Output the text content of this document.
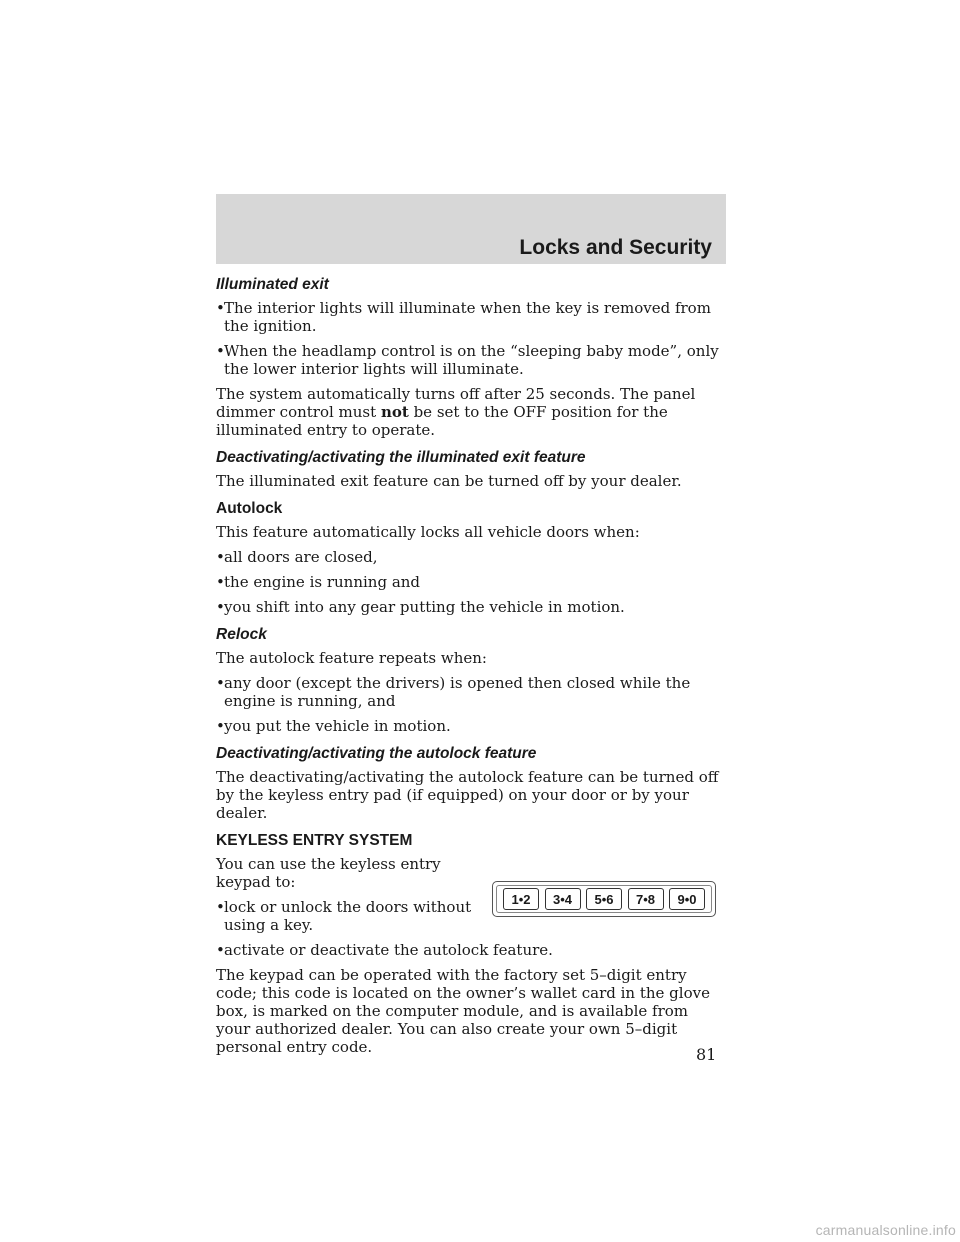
Locks and Security
Illuminated exit
• The interior lights will illuminate when the key is removed from the ignition.
• When the headlamp control is on the “sleeping baby mode”, only the lower interior lights will illuminate.

The system automatically turns off after 25 seconds. The panel dimmer control must not be set to the OFF position for the illuminated entry to operate.

Deactivating/activating the illuminated exit feature

The illuminated exit feature can be turned off by your dealer.

Autolock

This feature automatically locks all vehicle doors when:

• all doors are closed,
• the engine is running and
• you shift into any gear putting the vehicle in motion.
Relock

The autolock feature repeats when:

• any door (except the drivers) is opened then closed while the engine is running, and
• you put the vehicle in motion.
Deactivating/activating the autolock feature

The deactivating/activating the autolock feature can be turned off by the keyless entry pad (if equipped) on your door or by your dealer.

KEYLESS ENTRY SYSTEM

You can use the keyless entry keypad to:

• lock or unlock the doors without using a key.
1•2	3•4	5•6	7•8	9•0
• activate or deactivate the autolock feature.

The keypad can be operated with the factory set 5–digit entry code; this code is located on the owner’s wallet card in the glove box, is marked on the computer module, and is available from your authorized dealer. You can also create your own 5–digit personal entry code.	81
carmanualsonline.info
